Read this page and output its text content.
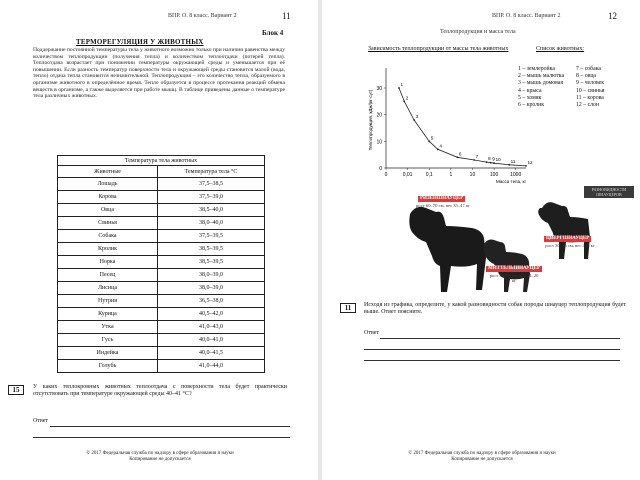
ВПР. О. 8 класс. Вариант 2	11
Блок 4
ТЕРМОРЕГУЛЯЦИЯ У ЖИВОТНЫХ
Поддержание постоянной температуры тела у животного возможно только при наличии равенства между количеством теплопродукции (получения тепла) и количеством теплоотдачи (потерей тепла). Теплоотдача возрастает при понижении температуры окружающей среды и уменьшается при её повышении. Если разность температур поверхности тела и окружающей среды становится малой (вода, тепло) отдача тепла становится незначительной. Теплопродукция – это количество тепла, образуемого в организме животного в определённое время. Тепло образуется в процессе протекания реакций обмена веществ в организме, а также выделяется при работе мышц. В таблице приведены данные о температуре тела различных животных.
Температура тела животных	
Животные	Температура тела °С
Лошадь	37,5–38,5
Корова	37,5–39,0
Овца	38,5–40,0
Свинья	38,0–40,0
Собака	37,5–39,5
Кролик	38,5–39,5
Норка	38,5–39,5
Песец	38,0–39,0
Лисица	38,0–39,0
Нутрия	36,5–38,0
Курица	40,5–42,0
Утка	41,0–43,0
Гусь	40,0–41,0
Индейка	40,0–41,5
Голубь	41,0–44,0
15	У каких теплокровных животных теплоотдача с поверхности тела будет практически отсутствовать при температуре окружающей среды 40–41 °С?
Ответ
© 2017 Федеральная служба по надзору в сфере образования и науки
Копирование не допускается
ВПР. О. 8 класс. Вариант 2	12
Теплопродукция и масса тела
Зависимость теплопродукции от массы тела животных	Список животных:
0	0,01	0,1	1	10	100 1000
0
10
20
30
Масса тела, кг
Теплопродукция, кДж/(кг·сут)
1
2
3
4
5
6
7 8 9 10 11	12
1 – землеройка
2 – мышь малютка
3 – мышь домовая
4 – крыса
5 – хомяк
6 – кролик
7 – собака
8 – овца
9 – человек
10 – свинья
11 – корова
12 – слон
РИЗЕНШНАУЦЕР
рост 60–70 см, вес 35–47 кг
РАЗНОВИДНОСТИ ШНАУЦЕРОВ
ЦВЕРГШНАУЦЕР
рост 30–35 см, вес 4–8 кг
МИТТЕЛЬШНАУЦЕР
рост 45–50 см, вес 14–20 кг
11	Исходя из графика, определите, у какой разновидности собак породы шнауцер теплопродукция будет выше. Ответ поясните.
Ответ
© 2017 Федеральная служба по надзору в сфере образования и науки
Копирование не допускается
